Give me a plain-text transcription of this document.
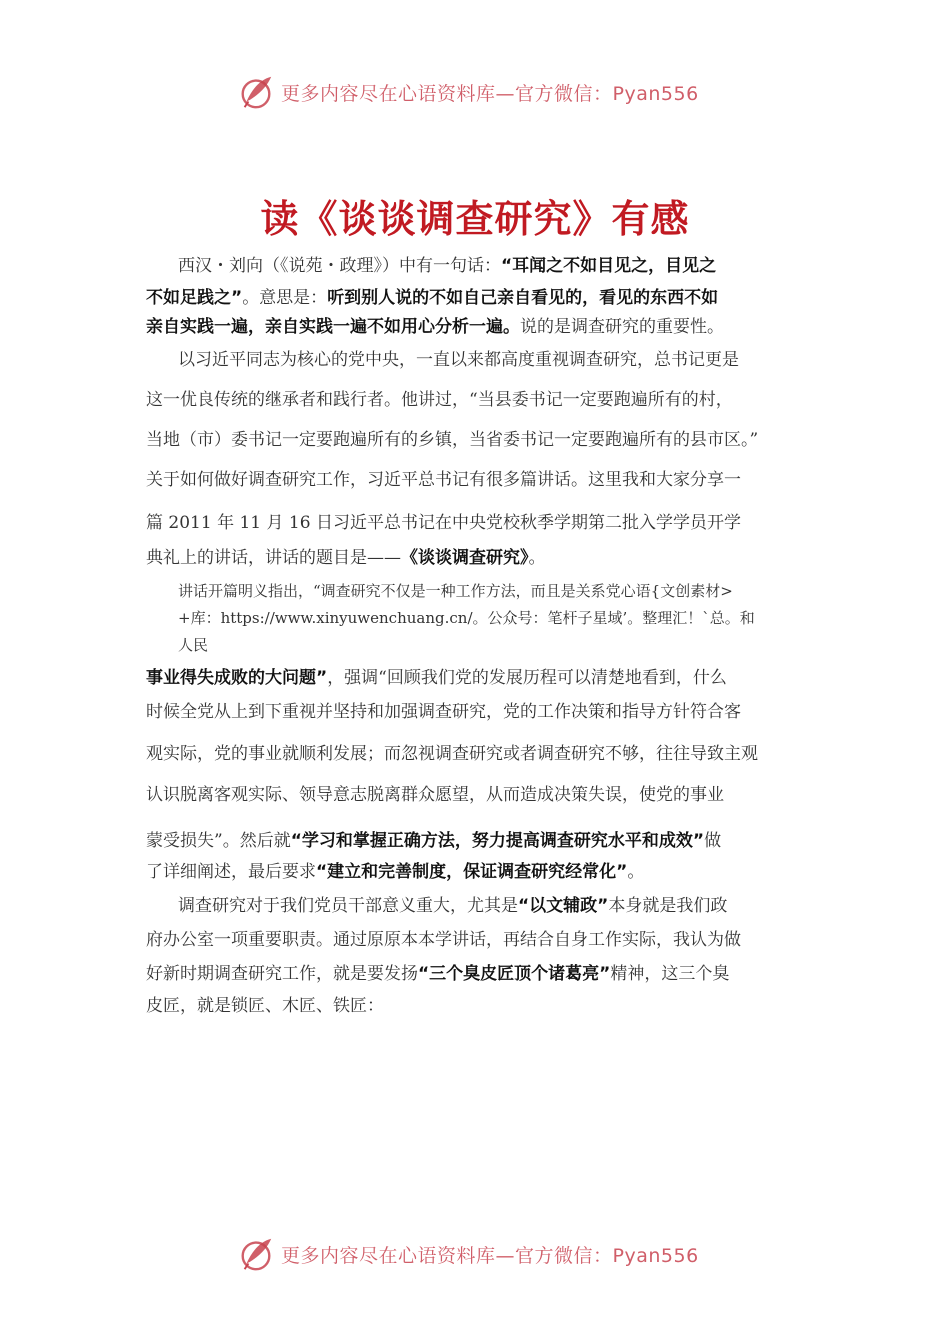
更多内容尽在心语资料库—官方微信：Pyan556
读《谈谈调查研究》有感
西汉・刘向（《说苑・政理》）中有一句话：“耳闻之不如目见之，目见之
不如足践之”。意思是：听到别人说的不如自己亲自看见的，看见的东西不如
亲自实践一遍，亲自实践一遍不如用心分析一遍。说的是调查研究的重要性。
以习近平同志为核心的党中央，一直以来都高度重视调查研究，总书记更是
这一优良传统的继承者和践行者。他讲过，“当县委书记一定要跑遍所有的村，
当地（市）委书记一定要跑遍所有的乡镇，当省委书记一定要跑遍所有的县市区。”
关于如何做好调查研究工作，习近平总书记有很多篇讲话。这里我和大家分享一
篇 2011 年 11 月 16 日习近平总书记在中央党校秋季学期第二批入学学员开学
典礼上的讲话，讲话的题目是——《谈谈调查研究》。
讲话开篇明义指出，“调查研究不仅是一种工作方法，而且是关系党心语{文创素材>
+库：https://www.xinyuwenchuang.cn/。公众号：笔杆子星域’。整理汇！`总。和
人民
事业得失成败的大问题”，强调“回顾我们党的发展历程可以清楚地看到，什么
时候全党从上到下重视并坚持和加强调查研究，党的工作决策和指导方针符合客
观实际，党的事业就顺利发展；而忽视调查研究或者调查研究不够，往往导致主观
认识脱离客观实际、领导意志脱离群众愿望，从而造成决策失误，使党的事业
蒙受损失”。然后就“学习和掌握正确方法，努力提高调查研究水平和成效”做
了详细阐述，最后要求“建立和完善制度，保证调查研究经常化”。
调查研究对于我们党员干部意义重大，尤其是“以文辅政”本身就是我们政
府办公室一项重要职责。通过原原本本学讲话，再结合自身工作实际，我认为做
好新时期调查研究工作，就是要发扬“三个臭皮匠顶个诸葛亮”精神，这三个臭
皮匠，就是锁匠、木匠、铁匠：
更多内容尽在心语资料库—官方微信：Pyan556
